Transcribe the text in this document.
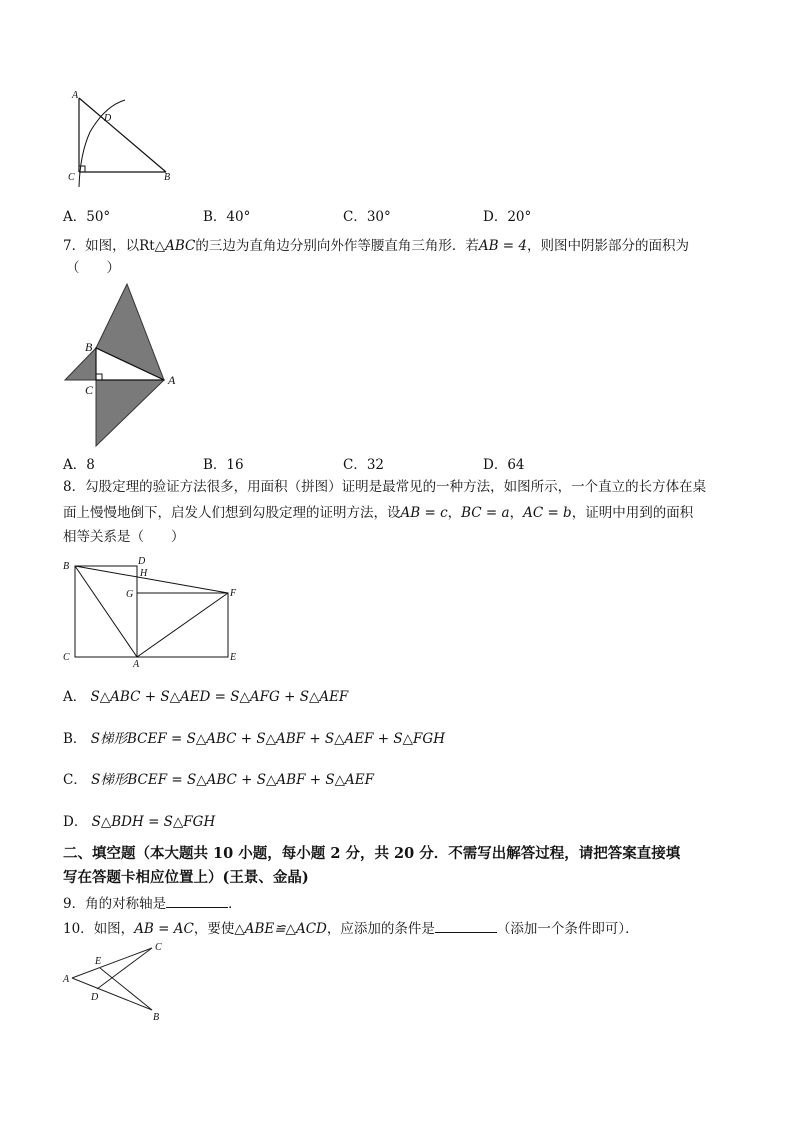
A
D
C	B
A．50°	B．40°	C．30°	D．20°
7．如图，以Rt△ABC的三边为直角边分别向外作等腰直角三角形．若AB = 4，则图中阴影部分的面积为
（　　）
B
C
A
A．8	B．16	C．32	D．64
8．勾股定理的验证方法很多，用面积（拼图）证明是最常见的一种方法，如图所示，一个直立的长方体在桌
面上慢慢地倒下，启发人们想到勾股定理的证明方法，设AB = c，BC = a，AC = b，证明中用到的面积
相等关系是（　　）
B	D
H
G	F
C
A
E
A． S△ABC + S△AED = S△AFG + S△AEF
B． S梯形BCEF = S△ABC + S△ABF + S△AEF + S△FGH
C． S梯形BCEF = S△ABC + S△ABF + S△AEF
D． S△BDH = S△FGH
二、填空题（本大题共 10 小题，每小题 2 分，共 20 分．不需写出解答过程，请把答案直接填
写在答题卡相应位置上）(王景、金晶)
9．角的对称轴是	．
10．如图，AB = AC，要使△ABE≌△ACD，应添加的条件是	（添加一个条件即可）．
A
E
D
C
B
